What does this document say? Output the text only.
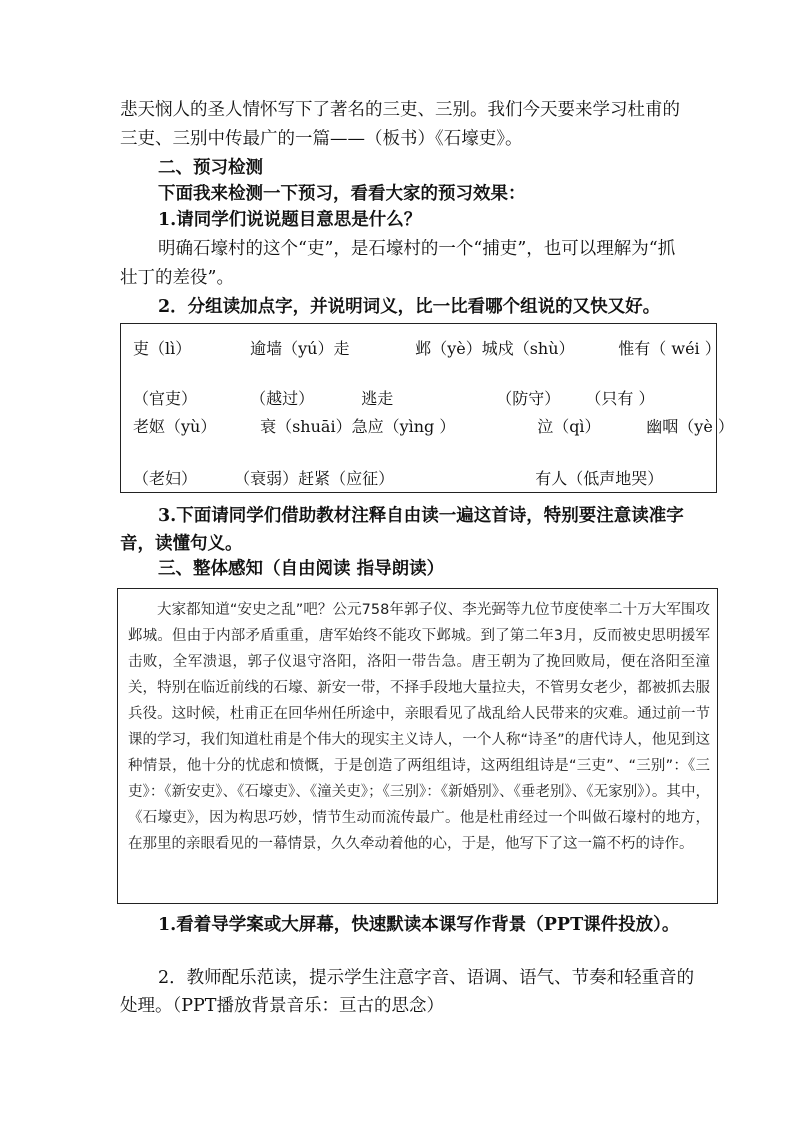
悲天悯人的圣人情怀写下了著名的三吏、三别。我们今天要来学习杜甫的
三吏、三别中传最广的一篇——（板书）《石壕吏》。
二、预习检测
下面我来检测一下预习，看看大家的预习效果：
1.请同学们说说题目意思是什么？
明确石壕村的这个“吏”，是石壕村的一个“捕吏”，也可以理解为“抓
壮丁的差役”。
2．分组读加点字，并说明词义，比一比看哪个组说的又快又好。
吏（lì）	逾墙（yú）走	邺（yè）城戍（shù）	惟有（ wéi ）
（官吏）	（越过）	逃走	（防守） （只有 ）
老妪（yù）	衰（shuāi）急应（yìng ）	泣（qì）	幽咽（yè ）
（老妇） （衰弱）赶紧（应征）	有人（低声地哭）
3.下面请同学们借助教材注释自由读一遍这首诗，特别要注意读准字
音，读懂句义。
三、整体感知（自由阅读 指导朗读）

大家都知道“安史之乱”吧？公元758年郭子仪、李光弼等九位节度使率二十万大军围攻邺城。但由于内部矛盾重重，唐军始终不能攻下邺城。到了第二年3月，反而被史思明援军击败，全军溃退，郭子仪退守洛阳，洛阳一带告急。唐王朝为了挽回败局，便在洛阳至潼关，特别在临近前线的石壕、新安一带，不择手段地大量拉夫，不管男女老少，都被抓去服兵役。这时候，杜甫正在回华州任所途中，亲眼看见了战乱给人民带来的灾难。通过前一节课的学习，我们知道杜甫是个伟大的现实主义诗人，一个人称“诗圣”的唐代诗人，他见到这种情景，他十分的忧虑和愤慨，于是创造了两组组诗，这两组组诗是“三吏”、“三别”：《三吏》：《新安吏》、《石壕吏》、《潼关吏》；《三别》：《新婚别》、《垂老别》、《无家别》）。其中，《石壕吏》，因为构思巧妙，情节生动而流传最广。他是杜甫经过一个叫做石壕村的地方，在那里的亲眼看见的一幕情景，久久牵动着他的心，于是，他写下了这一篇不朽的诗作。

1.看着导学案或大屏幕，快速默读本课写作背景（PPT课件投放）。
2．教师配乐范读，提示学生注意字音、语调、语气、节奏和轻重音的
处理。（PPT播放背景音乐：亘古的思念）
